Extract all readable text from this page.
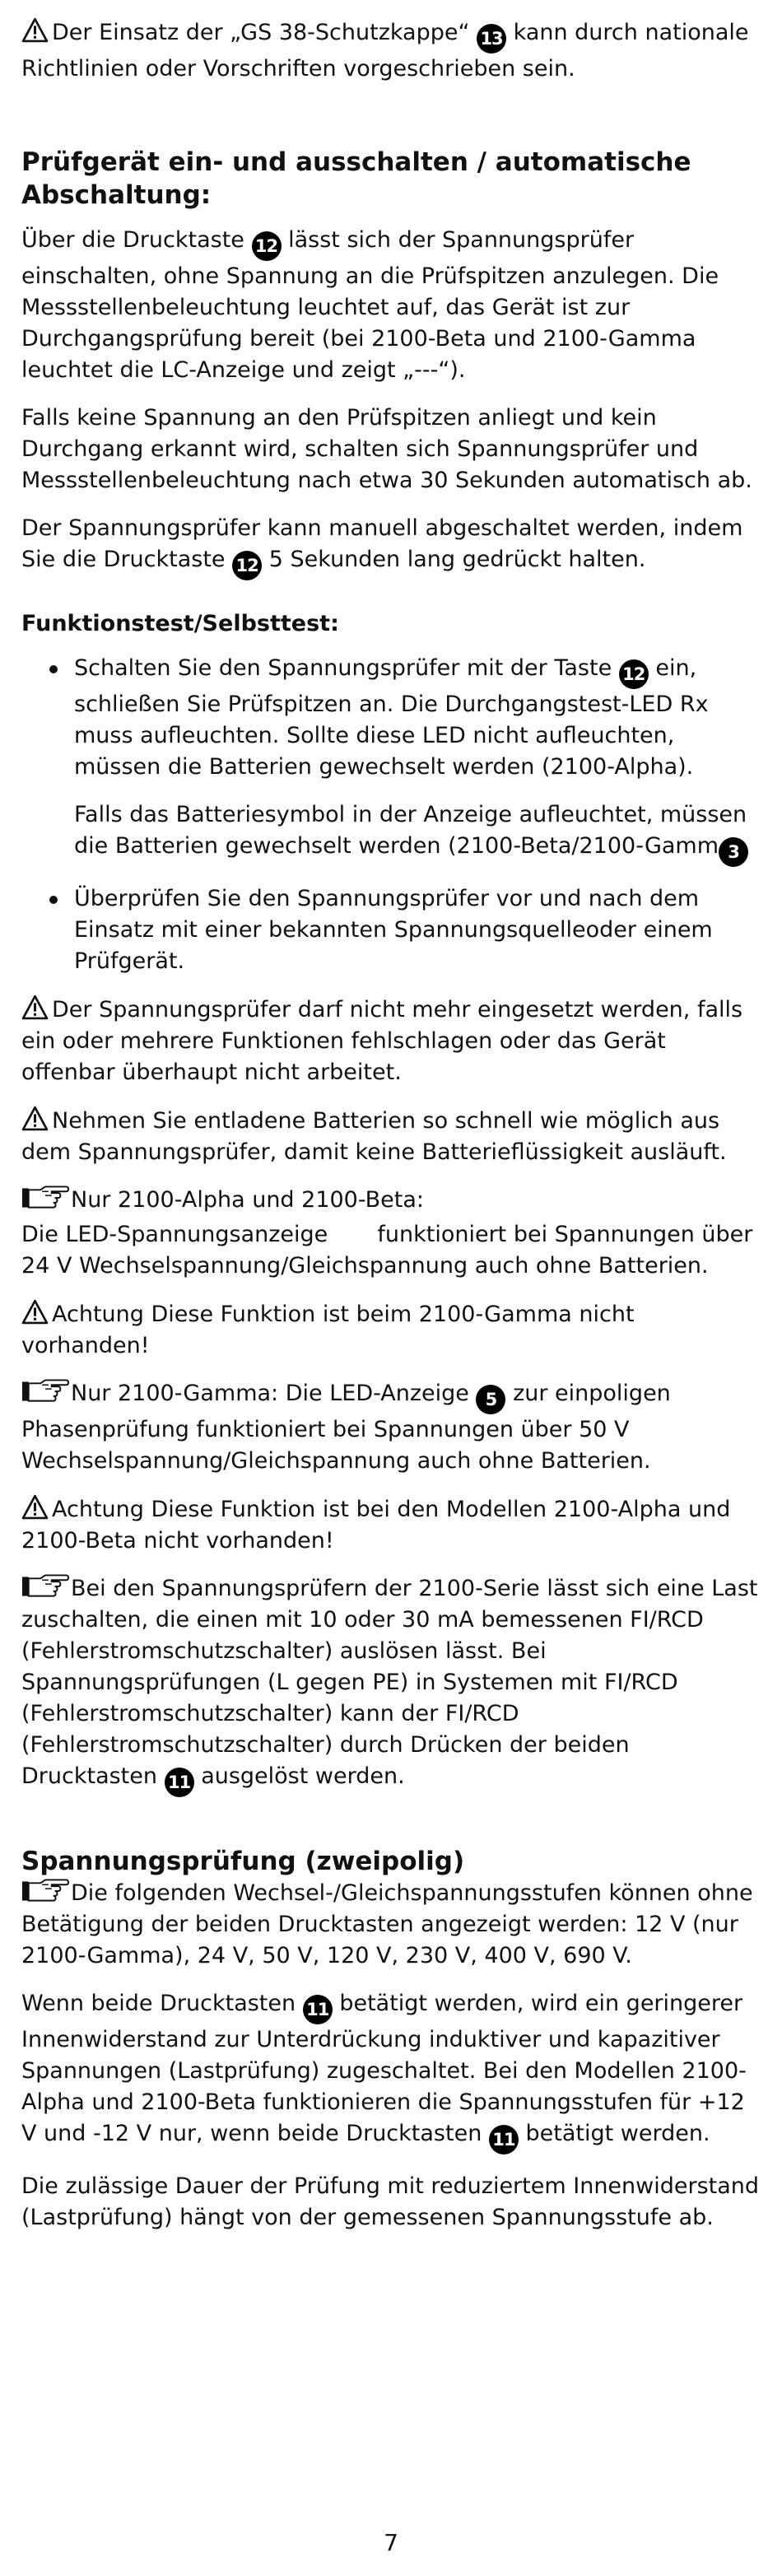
Der Einsatz der „GS 38-Schutzkappe“ 13 kann durch nationale Richtlinien oder Vorschriften vorgeschrieben sein.

Prüfgerät ein- und ausschalten / automatische Abschaltung:

Über die Drucktaste 12 lässt sich der Spannungsprüfer einschalten, ohne Spannung an die Prüfspitzen anzulegen. Die Messstellenbeleuchtung leuchtet auf, das Gerät ist zur Durchgangsprüfung bereit (bei 2100-Beta und 2100-Gamma leuchtet die LC-Anzeige und zeigt „---“).

Falls keine Spannung an den Prüfspitzen anliegt und kein Durchgang erkannt wird, schalten sich Spannungsprüfer und Messstellenbeleuchtung nach etwa 30 Sekunden automatisch ab.

Der Spannungsprüfer kann manuell abgeschaltet werden, indem Sie die Drucktaste 12 5 Sekunden lang gedrückt halten.

Funktionstest/Selbsttest:

Schalten Sie den Spannungsprüfer mit der Taste 12 ein, schließen Sie Prüfspitzen an. Die Durchgangstest-LED Rx muss aufleuchten. Sollte diese LED nicht aufleuchten, müssen die Batterien gewechselt werden (2100-Alpha).

Falls das Batteriesymbol in der Anzeige aufleuchtet, müssen die Batterien gewechselt werden (2100-Beta/2100-Gamm 3

Überprüfen Sie den Spannungsprüfer vor und nach dem Einsatz mit einer bekannten Spannungsquelleoder einem Prüfgerät.

Der Spannungsprüfer darf nicht mehr eingesetzt werden, falls ein oder mehrere Funktionen fehlschlagen oder das Gerät offenbar überhaupt nicht arbeitet.

Nehmen Sie entladene Batterien so schnell wie möglich aus dem Spannungsprüfer, damit keine Batterieflüssigkeit ausläuft.

Nur 2100-Alpha und 2100-Beta:

Die LED-Spannungsanzeige       funktioniert bei Spannungen über 24 V Wechselspannung/Gleichspannung auch ohne Batterien.

Achtung Diese Funktion ist beim 2100-Gamma nicht vorhanden!

Nur 2100-Gamma: Die LED-Anzeige 5 zur einpoligen Phasenprüfung funktioniert bei Spannungen über 50 V Wechselspannung/Gleichspannung auch ohne Batterien.

Achtung Diese Funktion ist bei den Modellen 2100-Alpha und 2100-Beta nicht vorhanden!

Bei den Spannungsprüfern der 2100-Serie lässt sich eine Last zuschalten, die einen mit 10 oder 30 mA bemessenen FI/RCD (Fehlerstromschutzschalter) auslösen lässt. Bei Spannungsprüfungen (L gegen PE) in Systemen mit FI/RCD (Fehlerstromschutzschalter) kann der FI/RCD (Fehlerstromschutzschalter) durch Drücken der beiden Drucktasten 11 ausgelöst werden.

Spannungsprüfung (zweipolig)

Die folgenden Wechsel-/Gleichspannungsstufen können ohne Betätigung der beiden Drucktasten angezeigt werden: 12 V (nur 2100-Gamma), 24 V, 50 V, 120 V, 230 V, 400 V, 690 V.

Wenn beide Drucktasten 11 betätigt werden, wird ein geringerer Innenwiderstand zur Unterdrückung induktiver und kapazitiver Spannungen (Lastprüfung) zugeschaltet. Bei den Modellen 2100-Alpha und 2100-Beta funktionieren die Spannungsstufen für +12 V und -12 V nur, wenn beide Drucktasten 11 betätigt werden.

Die zulässige Dauer der Prüfung mit reduziertem Innenwiderstand (Lastprüfung) hängt von der gemessenen Spannungsstufe ab.

7
